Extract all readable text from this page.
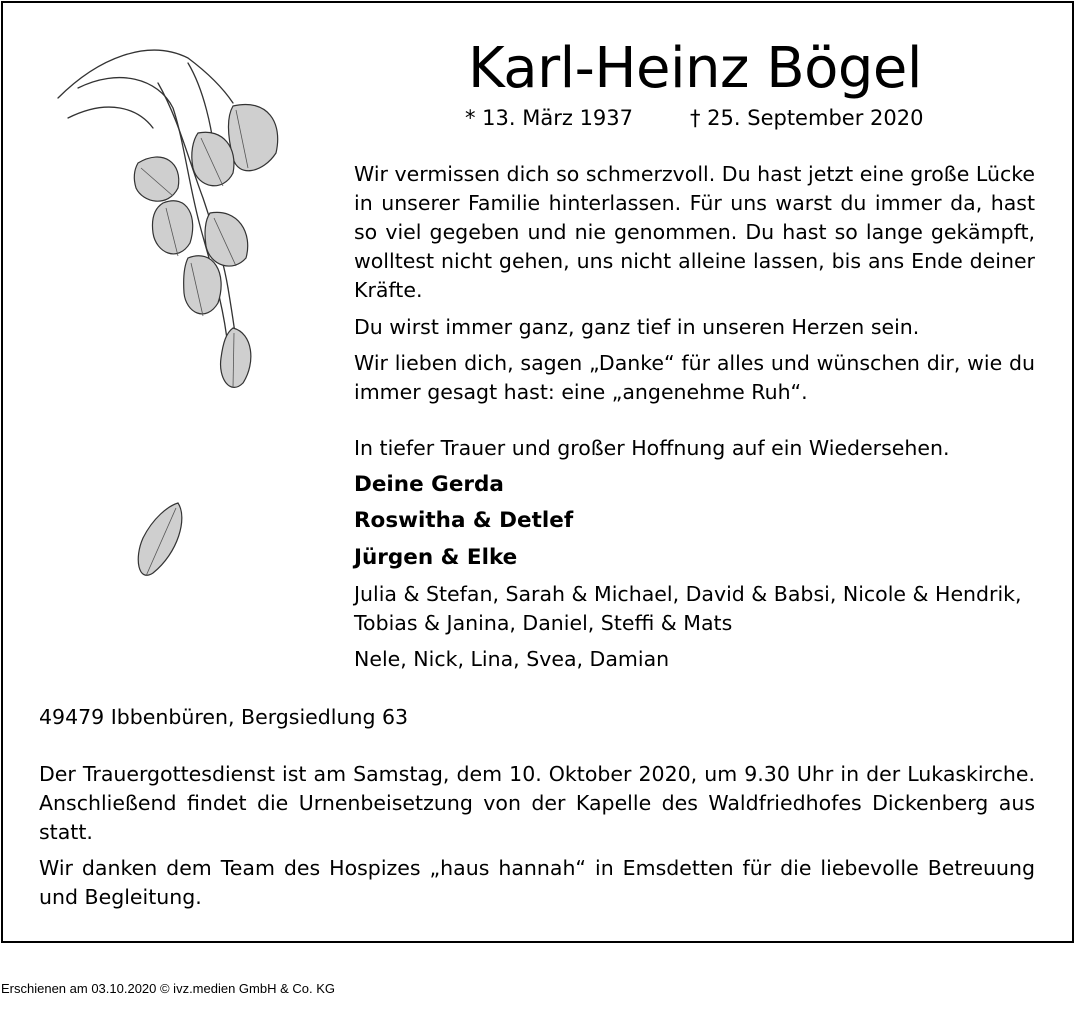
Karl-Heinz Bögel
* 13. März 1937	† 25. September 2020

Wir vermissen dich so schmerzvoll. Du hast jetzt eine große Lücke in unserer Familie hinterlassen. Für uns warst du immer da, hast so viel gegeben und nie genommen. Du hast so lange gekämpft, wolltest nicht gehen, uns nicht alleine lassen, bis ans Ende deiner Kräfte.

Du wirst immer ganz, ganz tief in unseren Herzen sein.

Wir lieben dich, sagen „Danke“ für alles und wünschen dir, wie du immer gesagt hast: eine „angenehme Ruh“.

In tiefer Trauer und großer Hoffnung auf ein Wiedersehen.
Deine Gerda
Roswitha & Detlef
Jürgen & Elke

Julia & Stefan, Sarah & Michael, David & Babsi, Nicole & Hendrik, Tobias & Janina, Daniel, Steffi & Mats

Nele, Nick, Lina, Svea, Damian
49479 Ibbenbüren, Bergsiedlung 63

Der Trauergottesdienst ist am Samstag, dem 10. Oktober 2020, um 9.30 Uhr in der Lukaskirche. Anschließend findet die Urnenbeisetzung von der Kapelle des Waldfriedhofes Dickenberg aus statt.

Wir danken dem Team des Hospizes „haus hannah“ in Emsdetten für die liebevolle Betreuung und Begleitung.

Erschienen am 03.10.2020 © ivz.medien GmbH & Co. KG
